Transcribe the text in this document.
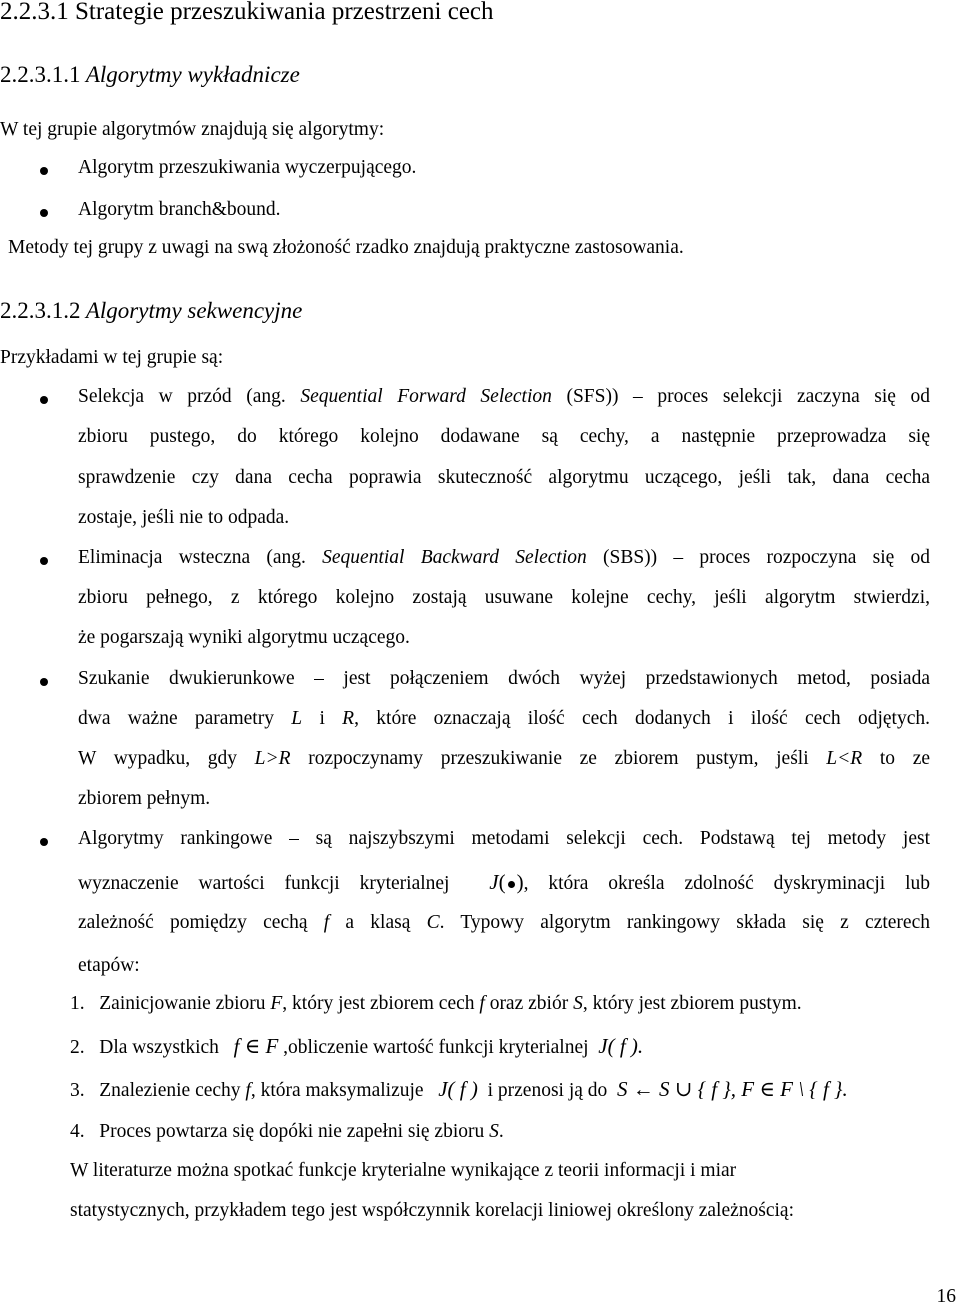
2.2.3.1 Strategie przeszukiwania przestrzeni cech
2.2.3.1.1 Algorytmy wykładnicze
W tej grupie algorytmów znajdują się algorytmy:
Algorytm przeszukiwania wyczerpującego.
Algorytm branch&bound.
Metody tej grupy z uwagi na swą złożoność rzadko znajdują praktyczne zastosowania.
2.2.3.1.2 Algorytmy sekwencyjne
Przykładami w tej grupie są:
Selekcja w przód (ang. Sequential Forward Selection (SFS)) – proces selekcji zaczyna się od
zbioru pustego, do którego kolejno dodawane są cechy, a następnie przeprowadza się
sprawdzenie czy dana cecha poprawia skuteczność algorytmu uczącego, jeśli tak, dana cecha
zostaje, jeśli nie to odpada.
Eliminacja wsteczna (ang. Sequential Backward Selection (SBS)) – proces rozpoczyna się od
zbioru pełnego, z którego kolejno zostają usuwane kolejne cechy, jeśli algorytm stwierdzi,
że pogarszają wyniki algorytmu uczącego.
Szukanie dwukierunkowe – jest połączeniem dwóch wyżej przedstawionych metod, posiada
dwa ważne parametry L i R, które oznaczają ilość cech dodanych i ilość cech odjętych.
W wypadku, gdy L>R rozpoczynamy przeszukiwanie ze zbiorem pustym, jeśli L<R to ze
zbiorem pełnym.
Algorytmy rankingowe – są najszybszymi metodami selekcji cech. Podstawą tej metody jest
wyznaczenie wartości funkcji kryterialnej J( ), która określa zdolność dyskryminacji lub
zależność pomiędzy cechą f a klasą C. Typowy algorytm rankingowy składa się z czterech
etapów:
1. Zainicjowanie zbioru F, który jest zbiorem cech f oraz zbiór S, który jest zbiorem pustym.
2. Dla wszystkich f ∈ F ,obliczenie wartość funkcji kryterialnej J( f ).
3. Znalezienie cechy f, która maksymalizuje J( f ) i przenosi ją do S ← S ∪ { f }, F ∈ F \ { f }.
4. Proces powtarza się dopóki nie zapełni się zbioru S.
W literaturze można spotkać funkcje kryterialne wynikające z teorii informacji i miar
statystycznych, przykładem tego jest współczynnik korelacji liniowej określony zależnością:
16
